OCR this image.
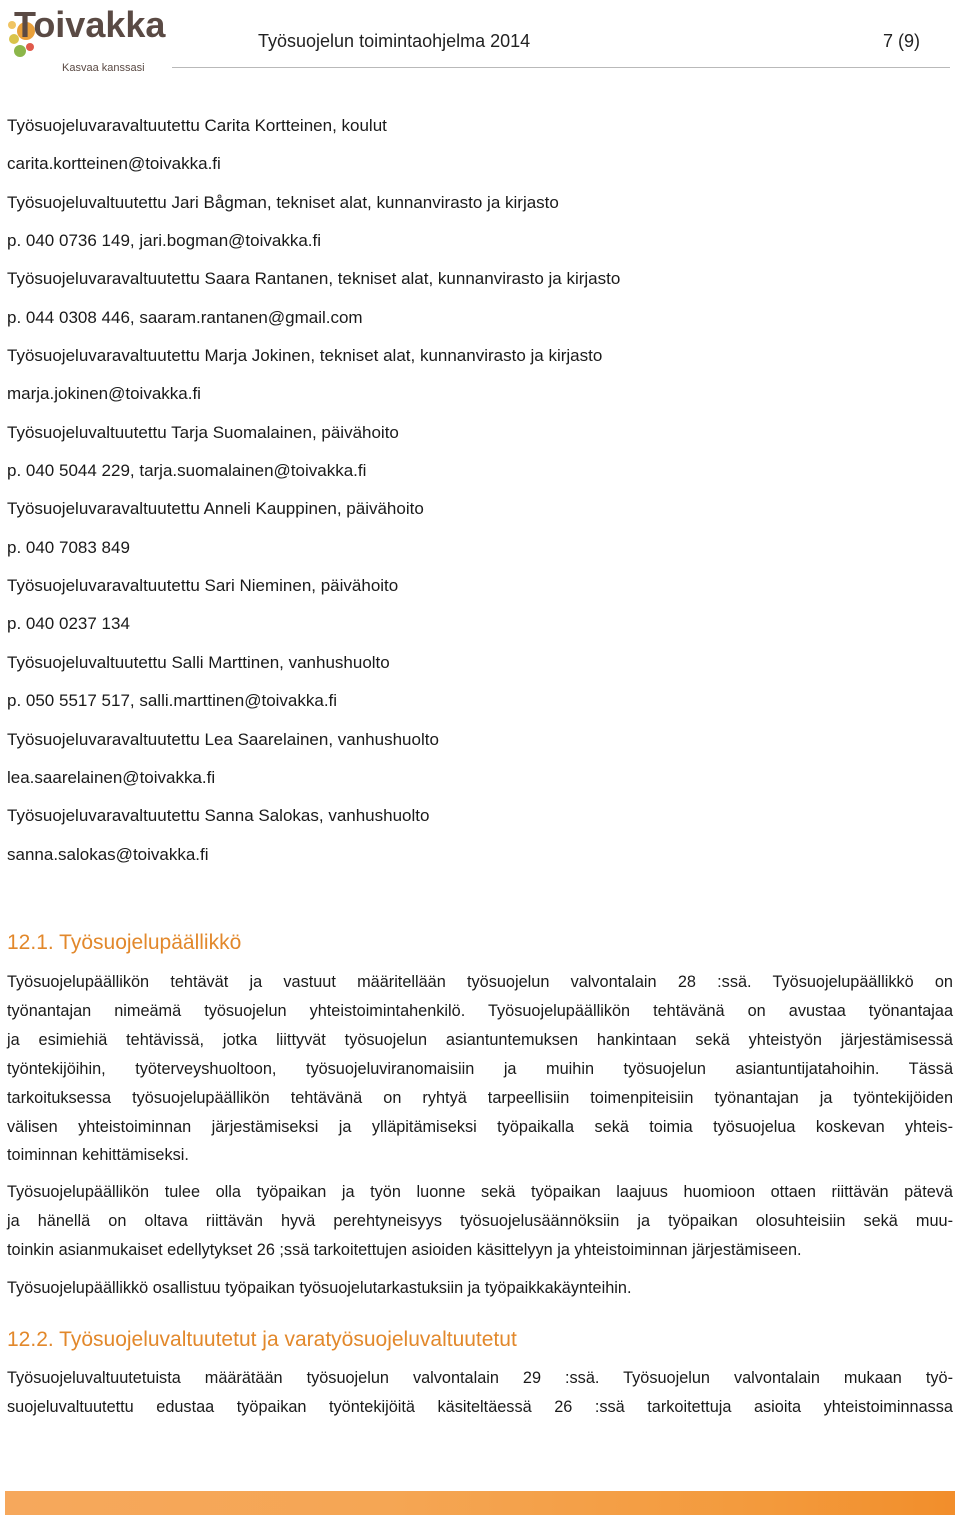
Toivakka
Kasvaa kanssasi
Työsuojelun toimintaohjelma 2014	7 (9)
Työsuojeluvaravaltuutettu Carita Kortteinen, koulut
carita.kortteinen@toivakka.fi
Työsuojeluvaltuutettu Jari Bågman, tekniset alat, kunnanvirasto ja kirjasto
p. 040 0736 149, jari.bogman@toivakka.fi
Työsuojeluvaravaltuutettu Saara Rantanen, tekniset alat, kunnanvirasto ja kirjasto
p. 044 0308 446, saaram.rantanen@gmail.com
Työsuojeluvaravaltuutettu Marja Jokinen, tekniset alat, kunnanvirasto ja kirjasto
marja.jokinen@toivakka.fi
Työsuojeluvaltuutettu Tarja Suomalainen, päivähoito
p. 040 5044 229, tarja.suomalainen@toivakka.fi
Työsuojeluvaravaltuutettu Anneli Kauppinen, päivähoito
p. 040 7083 849
Työsuojeluvaravaltuutettu Sari Nieminen, päivähoito
p. 040 0237 134
Työsuojeluvaltuutettu Salli Marttinen, vanhushuolto
p. 050 5517 517, salli.marttinen@toivakka.fi
Työsuojeluvaravaltuutettu Lea Saarelainen, vanhushuolto
lea.saarelainen@toivakka.fi
Työsuojeluvaravaltuutettu Sanna Salokas, vanhushuolto
sanna.salokas@toivakka.fi
12.1. Työsuojelupäällikkö

Työsuojelupäällikön tehtävät ja vastuut määritellään työsuojelun valvontalain 28 :ssä. Työsuojelupäällikkö on
työnantajan nimeämä työsuojelun yhteistoimintahenkilö. Työsuojelupäällikön tehtävänä on avustaa työnantajaa
ja esimiehiä tehtävissä, jotka liittyvät työsuojelun asiantuntemuksen hankintaan sekä yhteistyön järjestämisessä
työntekijöihin, työterveyshuoltoon, työsuojeluviranomaisiin ja muihin työsuojelun asiantuntijatahoihin. Tässä
tarkoituksessa työsuojelupäällikön tehtävänä on ryhtyä tarpeellisiin toimenpiteisiin työnantajan ja työntekijöiden
välisen yhteistoiminnan järjestämiseksi ja ylläpitämiseksi työpaikalla sekä toimia työsuojelua koskevan yhteis-
toiminnan kehittämiseksi.

Työsuojelupäällikön tulee olla työpaikan ja työn luonne sekä työpaikan laajuus huomioon ottaen riittävän pätevä
ja hänellä on oltava riittävän hyvä perehtyneisyys työsuojelusäännöksiin ja työpaikan olosuhteisiin sekä muu-
toinkin asianmukaiset edellytykset 26 ;ssä tarkoitettujen asioiden käsittelyyn ja yhteistoiminnan järjestämiseen.

Työsuojelupäällikkö osallistuu työpaikan työsuojelutarkastuksiin ja työpaikkakäynteihin.

12.2. Työsuojeluvaltuutetut ja varatyösuojeluvaltuutetut

Työsuojeluvaltuutetuista määrätään työsuojelun valvontalain 29 :ssä. Työsuojelun valvontalain mukaan työ-
suojeluvaltuutettu edustaa työpaikan työntekijöitä käsiteltäessä 26 :ssä tarkoitettuja asioita yhteistoiminnassa
